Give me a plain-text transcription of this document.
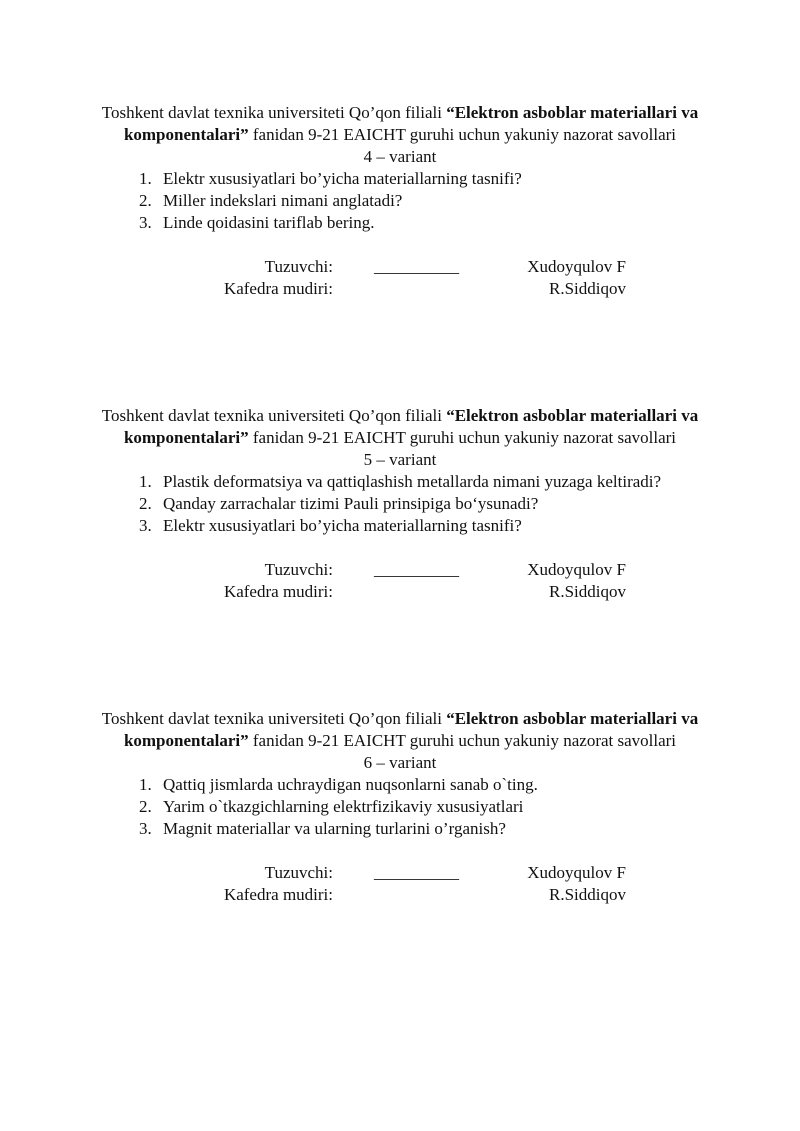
Toshkent davlat texnika universiteti Qo’qon filiali “Elektron asboblar materiallari va komponentalari” fanidan 9-21 EAICHT guruhi uchun yakuniy nazorat savollari
4 – variant
1. Elektr xususiyatlari bo’yicha materiallarning tasnifi?
2. Miller indekslari nimani anglatadi?
3. Linde qoidasini tariflab bering.
Tuzuvchi: __________	Xudoyqulov F
Kafedra mudiri:	R.Siddiqov
Toshkent davlat texnika universiteti Qo’qon filiali “Elektron asboblar materiallari va komponentalari” fanidan 9-21 EAICHT guruhi uchun yakuniy nazorat savollari
5 – variant
1. Plastik deformatsiya va qattiqlashish metallarda nimani yuzaga keltiradi?
2. Qanday zarrachalar tizimi Pauli prinsipiga bo‘ysunadi?
3. Elektr xususiyatlari bo’yicha materiallarning tasnifi?
Tuzuvchi: __________	Xudoyqulov F
Kafedra mudiri:	R.Siddiqov
Toshkent davlat texnika universiteti Qo’qon filiali “Elektron asboblar materiallari va komponentalari” fanidan 9-21 EAICHT guruhi uchun yakuniy nazorat savollari
6 – variant
1. Qattiq jismlarda uchraydigan nuqsonlarni sanab o`ting.
2. Yarim o`tkazgichlarning elektrfizikaviy xususiyatlari
3. Magnit materiallar va ularning turlarini o’rganish?
Tuzuvchi: __________	Xudoyqulov F
Kafedra mudiri:	R.Siddiqov
